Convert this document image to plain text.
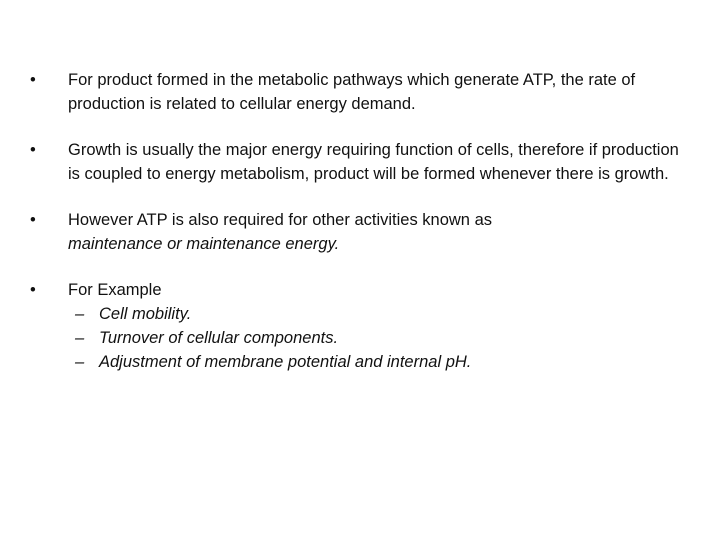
•	For product formed in the metabolic pathways which generate ATP, the rate of production is related to cellular energy demand.
•	Growth is usually the major energy requiring function of cells, therefore if production is coupled to energy metabolism, product will be formed whenever there is growth.
•	However ATP is also required for other activities known as
maintenance or maintenance energy.
•	For Example
– Cell mobility.
– Turnover of cellular components.
– Adjustment of membrane potential and internal pH.
